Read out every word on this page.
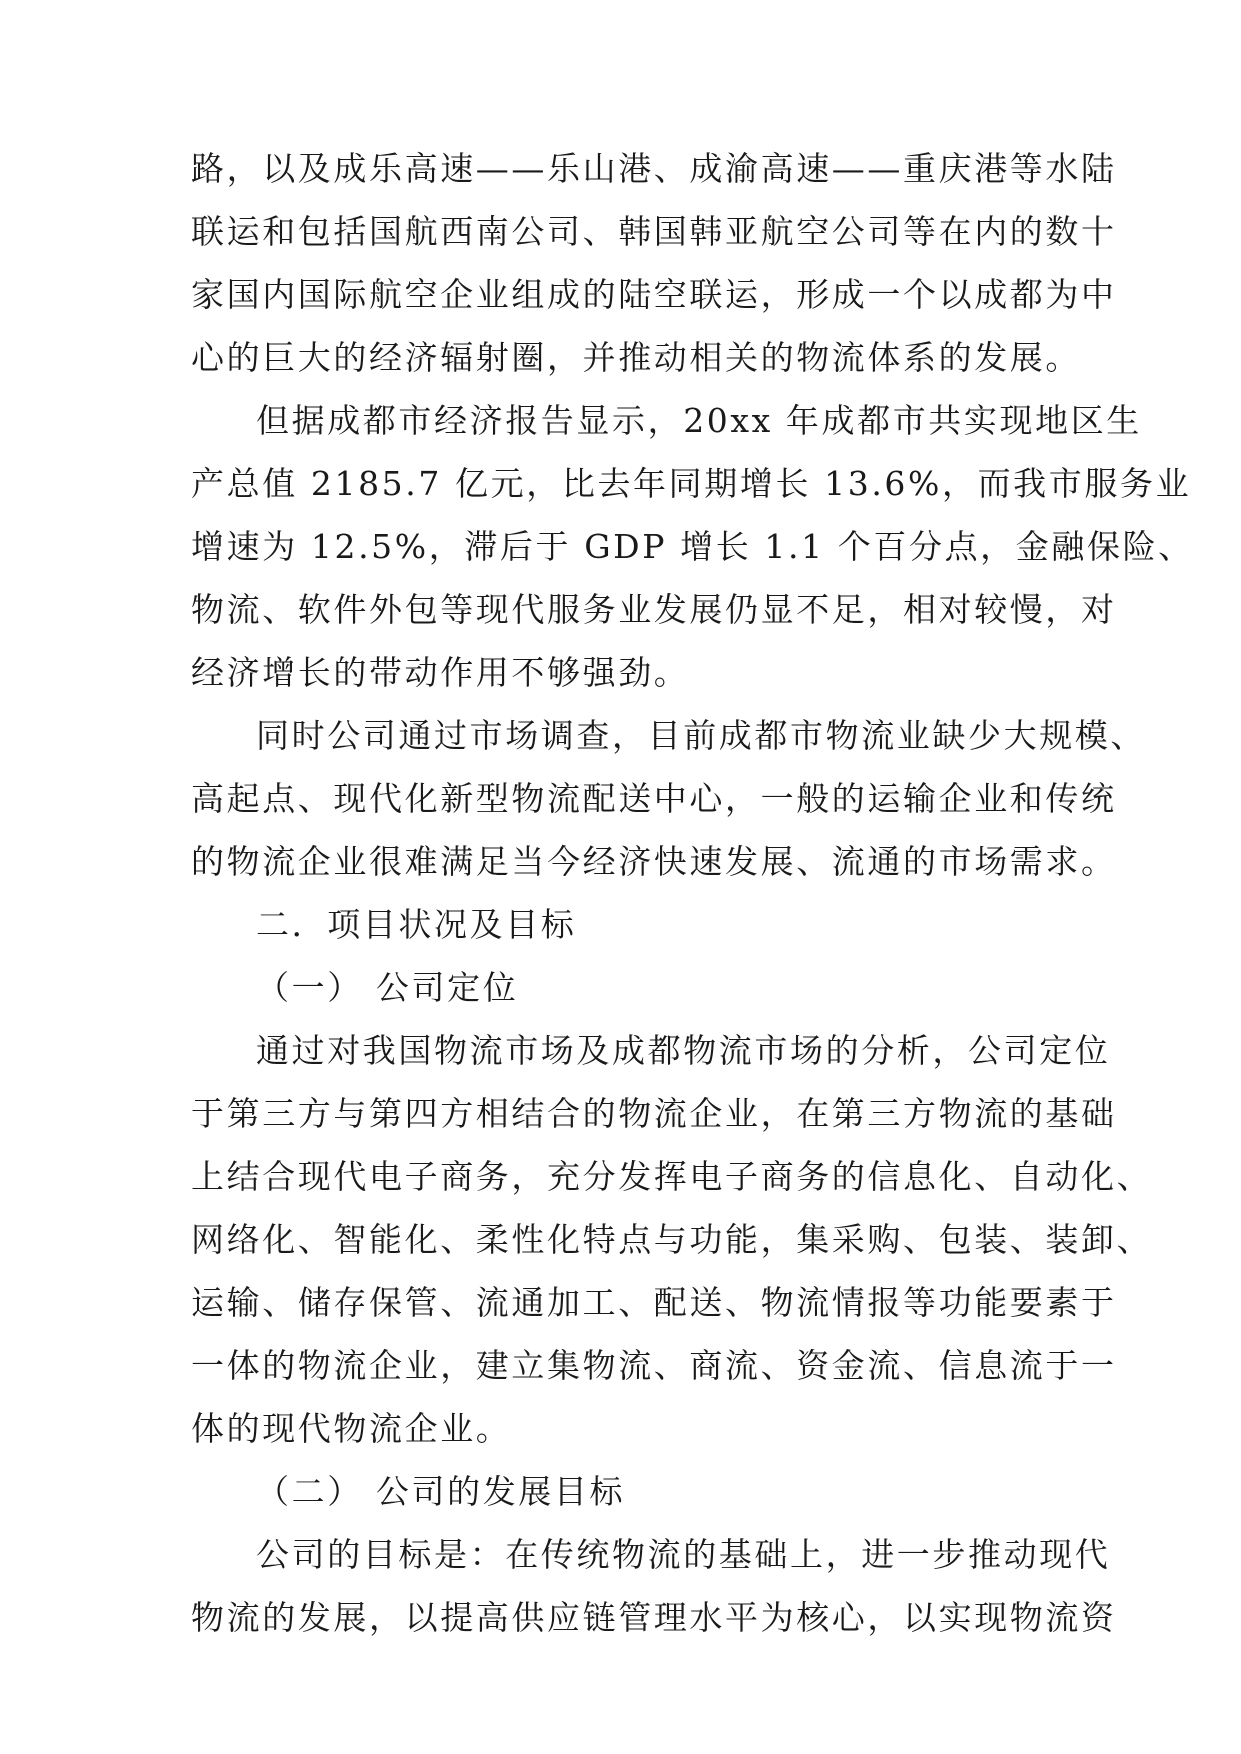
路，以及成乐高速——乐山港、成渝高速——重庆港等水陆
联运和包括国航西南公司、韩国韩亚航空公司等在内的数十
家国内国际航空企业组成的陆空联运，形成一个以成都为中
心的巨大的经济辐射圈，并推动相关的物流体系的发展。
但据成都市经济报告显示，20xx 年成都市共实现地区生
产总值 2185.7 亿元，比去年同期增长 13.6%，而我市服务业
增速为 12.5%，滞后于 GDP 增长 1.1 个百分点，金融保险、
物流、软件外包等现代服务业发展仍显不足，相对较慢，对
经济增长的带动作用不够强劲。
同时公司通过市场调查，目前成都市物流业缺少大规模、
高起点、现代化新型物流配送中心，一般的运输企业和传统
的物流企业很难满足当今经济快速发展、流通的市场需求。
二．项目状况及目标
（一） 公司定位
通过对我国物流市场及成都物流市场的分析，公司定位
于第三方与第四方相结合的物流企业，在第三方物流的基础
上结合现代电子商务，充分发挥电子商务的信息化、自动化、
网络化、智能化、柔性化特点与功能，集采购、包装、装卸、
运输、储存保管、流通加工、配送、物流情报等功能要素于
一体的物流企业，建立集物流、商流、资金流、信息流于一
体的现代物流企业。
（二） 公司的发展目标
公司的目标是：在传统物流的基础上，进一步推动现代
物流的发展，以提高供应链管理水平为核心，以实现物流资
